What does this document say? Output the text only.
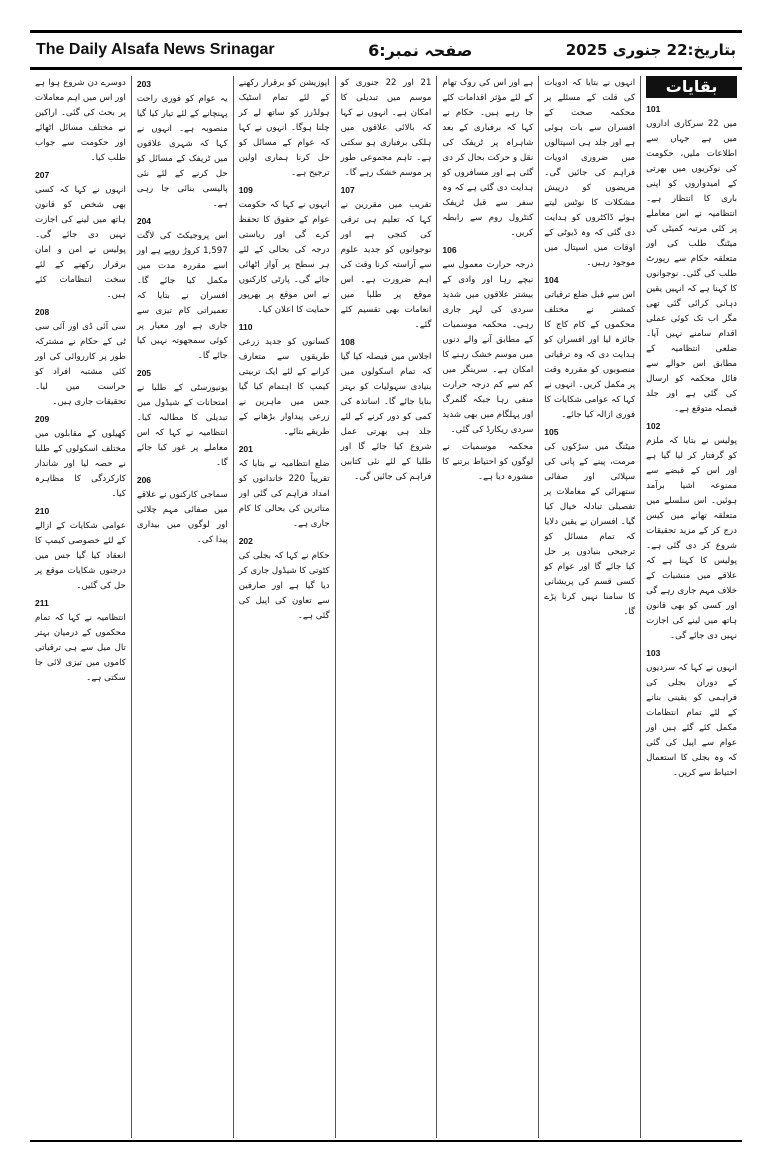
The Daily Alsafa News Srinagar	صفحہ نمبر:6	بتاریخ:22 جنوری 2025
بقایات
101

میں 22 سرکاری اداروں میں ہے جہاں سے اطلاعات ملیں، حکومت کی نوکریوں میں بھرتی کے امیدواروں کو اپنی باری کا انتظار ہے۔ انتظامیہ نے اس معاملے پر کئی مرتبہ کمیٹی کی میٹنگ طلب کی اور متعلقہ حکام سے رپورٹ طلب کی گئی۔ نوجوانوں کا کہنا ہے کہ انہیں یقین دہانی کرائی گئی تھی مگر اب تک کوئی عملی اقدام سامنے نہیں آیا۔ ضلعی انتظامیہ کے مطابق اس حوالے سے فائل محکمہ کو ارسال کی گئی ہے اور جلد فیصلہ متوقع ہے۔

102

پولیس نے بتایا کہ ملزم کو گرفتار کر لیا گیا ہے اور اس کے قبضے سے ممنوعہ اشیا برآمد ہوئیں۔ اس سلسلے میں متعلقہ تھانے میں کیس درج کر کے مزید تحقیقات شروع کر دی گئی ہے۔ پولیس کا کہنا ہے کہ علاقے میں منشیات کے خلاف مہم جاری رہے گی اور کسی کو بھی قانون ہاتھ میں لینے کی اجازت نہیں دی جائے گی۔

103

انہوں نے کہا کہ سردیوں کے دوران بجلی کی فراہمی کو یقینی بنانے کے لئے تمام انتظامات مکمل کئے گئے ہیں اور عوام سے اپیل کی گئی کہ وہ بجلی کا استعمال احتیاط سے کریں۔

انہوں نے بتایا کہ ادویات کی قلت کے مسئلے پر محکمہ صحت کے افسران سے بات ہوئی ہے اور جلد ہی اسپتالوں میں ضروری ادویات فراہم کی جائیں گی۔ مریضوں کو درپیش مشکلات کا نوٹس لیتے ہوئے ڈاکٹروں کو ہدایت دی گئی کہ وہ ڈیوٹی کے اوقات میں اسپتال میں موجود رہیں۔

104

اس سے قبل ضلع ترقیاتی کمشنر نے مختلف محکموں کے کام کاج کا جائزہ لیا اور افسران کو ہدایت دی کہ وہ ترقیاتی منصوبوں کو مقررہ وقت پر مکمل کریں۔ انہوں نے کہا کہ عوامی شکایات کا فوری ازالہ کیا جائے۔

105

میٹنگ میں سڑکوں کی مرمت، پینے کے پانی کی سپلائی اور صفائی ستھرائی کے معاملات پر تفصیلی تبادلہ خیال کیا گیا۔ افسران نے یقین دلایا کہ تمام مسائل کو ترجیحی بنیادوں پر حل کیا جائے گا اور عوام کو کسی قسم کی پریشانی کا سامنا نہیں کرنا پڑے گا۔

ہے اور اس کی روک تھام کے لئے مؤثر اقدامات کئے جا رہے ہیں۔ حکام نے کہا کہ برفباری کے بعد شاہراہ پر ٹریفک کی نقل و حرکت بحال کر دی گئی ہے اور مسافروں کو ہدایت دی گئی ہے کہ وہ سفر سے قبل ٹریفک کنٹرول روم سے رابطہ کریں۔

106

درجہ حرارت معمول سے نیچے رہا اور وادی کے بیشتر علاقوں میں شدید سردی کی لہر جاری رہی۔ محکمہ موسمیات کے مطابق آنے والے دنوں میں موسم خشک رہنے کا امکان ہے۔ سرینگر میں کم سے کم درجہ حرارت منفی رہا جبکہ گلمرگ اور پہلگام میں بھی شدید سردی ریکارڈ کی گئی۔

محکمہ موسمیات نے لوگوں کو احتیاط برتنے کا مشورہ دیا ہے۔

21 اور 22 جنوری کو موسم میں تبدیلی کا امکان ہے۔ انہوں نے کہا کہ بالائی علاقوں میں ہلکی برفباری ہو سکتی ہے۔ تاہم مجموعی طور پر موسم خشک رہے گا۔

107

تقریب میں مقررین نے کہا کہ تعلیم ہی ترقی کی کنجی ہے اور نوجوانوں کو جدید علوم سے آراستہ کرنا وقت کی اہم ضرورت ہے۔ اس موقع پر طلبا میں انعامات بھی تقسیم کئے گئے۔

108

اجلاس میں فیصلہ کیا گیا کہ تمام اسکولوں میں بنیادی سہولیات کو بہتر بنایا جائے گا۔ اساتذہ کی کمی کو دور کرنے کے لئے جلد ہی بھرتی عمل شروع کیا جائے گا اور طلبا کے لئے نئی کتابیں فراہم کی جائیں گی۔

اپوزیشن کو برقرار رکھنے کے لئے تمام اسٹیک ہولڈرز کو ساتھ لے کر چلنا ہوگا۔ انہوں نے کہا کہ عوام کے مسائل کو حل کرنا ہماری اولین ترجیح ہے۔

109

انہوں نے کہا کہ حکومت عوام کے حقوق کا تحفظ کرے گی اور ریاستی درجہ کی بحالی کے لئے ہر سطح پر آواز اٹھائی جائے گی۔ پارٹی کارکنوں نے اس موقع پر بھرپور حمایت کا اعلان کیا۔

110

کسانوں کو جدید زرعی طریقوں سے متعارف کرانے کے لئے ایک تربیتی کیمپ کا اہتمام کیا گیا جس میں ماہرین نے زرعی پیداوار بڑھانے کے طریقے بتائے۔

201

ضلع انتظامیہ نے بتایا کہ تقریباً 220 خاندانوں کو امداد فراہم کی گئی اور متاثرین کی بحالی کا کام جاری ہے۔

202

حکام نے کہا کہ بجلی کی کٹوتی کا شیڈول جاری کر دیا گیا ہے اور صارفین سے تعاون کی اپیل کی گئی ہے۔

203

یہ عوام کو فوری راحت پہنچانے کے لئے تیار کیا گیا منصوبہ ہے۔ انہوں نے کہا کہ شہری علاقوں میں ٹریفک کے مسائل کو حل کرنے کے لئے نئی پالیسی بنائی جا رہی ہے۔

204

اس پروجیکٹ کی لاگت 1,597 کروڑ روپے ہے اور اسے مقررہ مدت میں مکمل کیا جائے گا۔ افسران نے بتایا کہ تعمیراتی کام تیزی سے جاری ہے اور معیار پر کوئی سمجھوتہ نہیں کیا جائے گا۔

205

یونیورسٹی کے طلبا نے امتحانات کے شیڈول میں تبدیلی کا مطالبہ کیا۔ انتظامیہ نے کہا کہ اس معاملے پر غور کیا جائے گا۔

206

سماجی کارکنوں نے علاقے میں صفائی مہم چلائی اور لوگوں میں بیداری پیدا کی۔

دوسرے دن شروع ہوا ہے اور اس میں اہم معاملات پر بحث کی گئی۔ اراکین نے مختلف مسائل اٹھائے اور حکومت سے جواب طلب کیا۔

207

انہوں نے کہا کہ کسی بھی شخص کو قانون ہاتھ میں لینے کی اجازت نہیں دی جائے گی۔ پولیس نے امن و امان برقرار رکھنے کے لئے سخت انتظامات کئے ہیں۔

208

سی آئی ڈی اور آئی سی ٹی کے حکام نے مشترکہ طور پر کارروائی کی اور کئی مشتبہ افراد کو حراست میں لیا۔ تحقیقات جاری ہیں۔

209

کھیلوں کے مقابلوں میں مختلف اسکولوں کے طلبا نے حصہ لیا اور شاندار کارکردگی کا مظاہرہ کیا۔

210

عوامی شکایات کے ازالے کے لئے خصوصی کیمپ کا انعقاد کیا گیا جس میں درجنوں شکایات موقع پر حل کی گئیں۔

211

انتظامیہ نے کہا کہ تمام محکموں کے درمیان بہتر تال میل سے ہی ترقیاتی کاموں میں تیزی لائی جا سکتی ہے۔
